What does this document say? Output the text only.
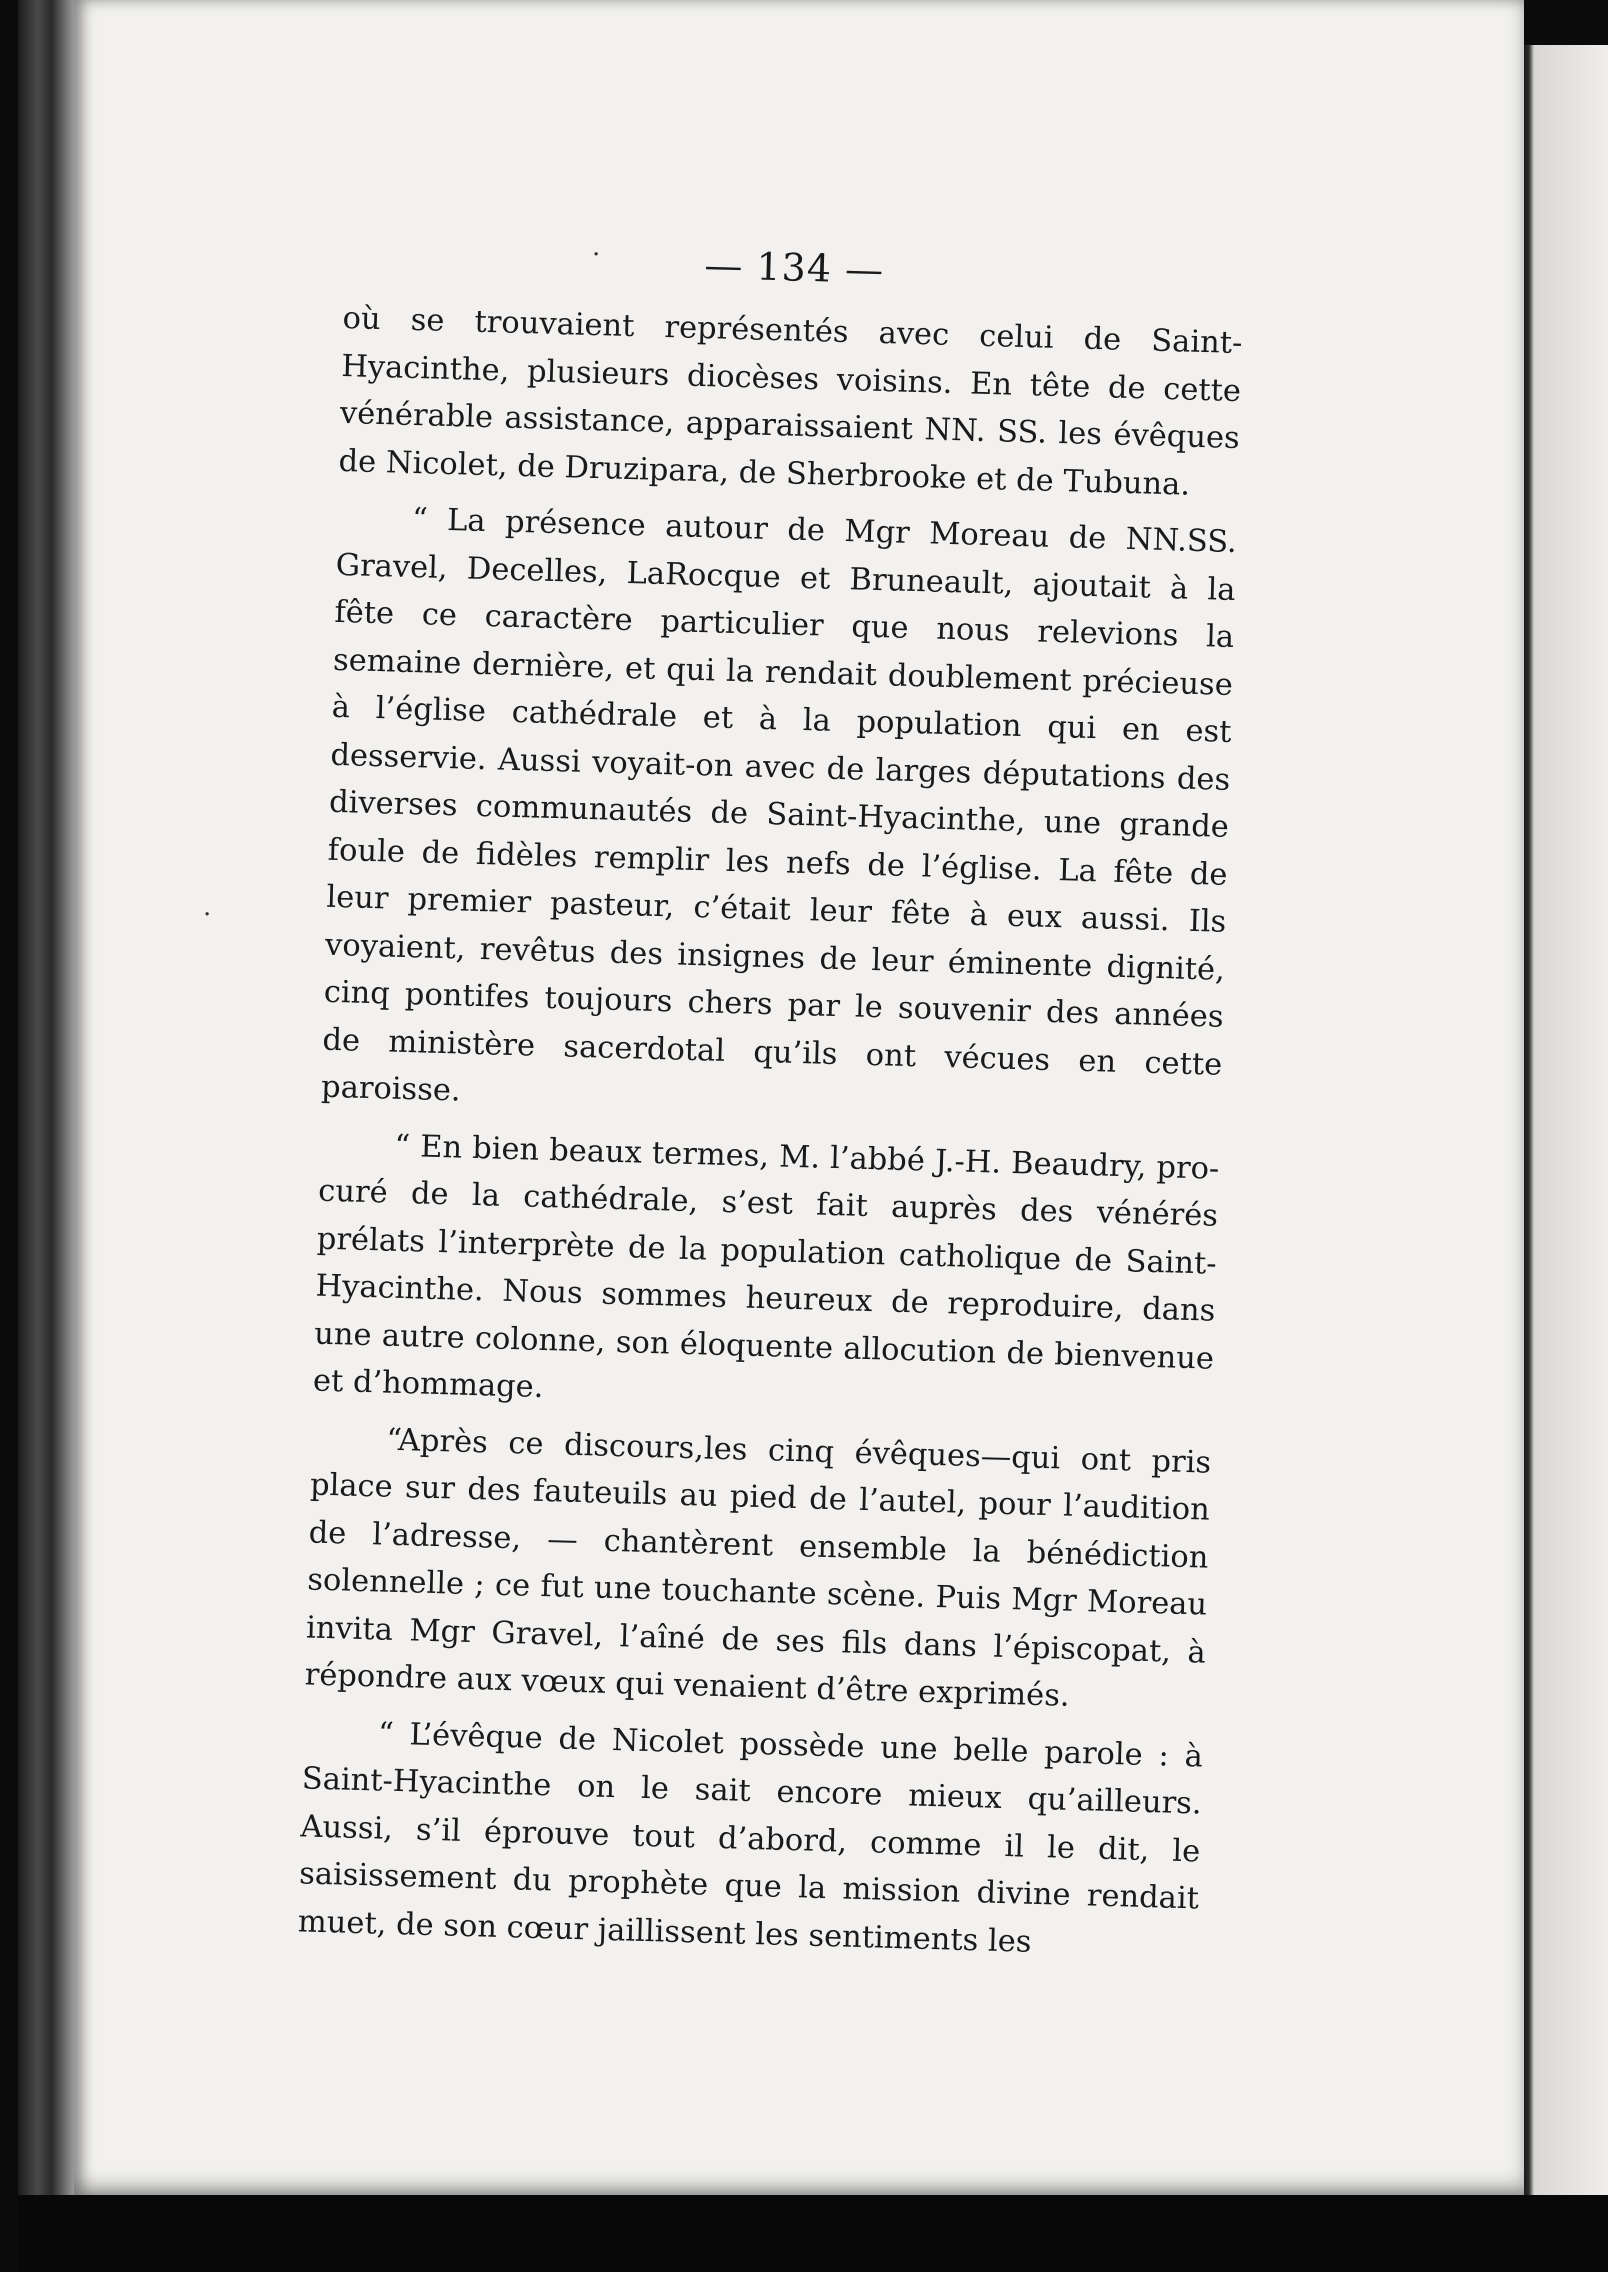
·
·
— 134 —

où se trouvaient représentés avec celui de Saint-Hyacinthe, plusieurs diocèses voisins. En tête de cette vénérable assistance, apparaissaient NN. SS. les évêques de Nicolet, de Druzipara, de Sherbrooke et de Tubuna.

“ La présence autour de Mgr Moreau de NN.SS. Gravel, Decelles, LaRocque et Bruneault, ajoutait à la fête ce caractère particulier que nous relevions la semaine dernière, et qui la rendait doublement précieuse à l’église cathédrale et à la population qui en est desservie. Aussi voyait-on avec de larges députations des diverses communautés de Saint-Hyacinthe, une grande foule de fidèles remplir les nefs de l’église. La fête de leur premier pasteur, c’était leur fête à eux aussi. Ils voyaient, revêtus des insignes de leur éminente dignité, cinq pontifes toujours chers par le souvenir des années de ministère sacerdotal qu’ils ont vécues en cette paroisse.

“ En bien beaux termes, M. l’abbé J.-H. Beaudry, pro-curé de la cathédrale, s’est fait auprès des vénérés prélats l’interprète de la population catholique de Saint-Hyacinthe. Nous sommes heureux de reproduire, dans une autre colonne, son éloquente allocution de bienvenue et d’hommage.

“Après ce discours,les cinq évêques—qui ont pris place sur des fauteuils au pied de l’autel, pour l’audition de l’adresse, — chantèrent ensemble la bénédiction solennelle ; ce fut une touchante scène. Puis Mgr Moreau invita Mgr Gravel, l’aîné de ses fils dans l’épiscopat, à répondre aux vœux qui venaient d’être exprimés.

“ L’évêque de Nicolet possède une belle parole : à Saint-Hyacinthe on le sait encore mieux qu’ailleurs. Aussi, s’il éprouve tout d’abord, comme il le dit, le saisissement du prophète que la mission divine rendait muet, de son cœur jaillissent les sentiments les
